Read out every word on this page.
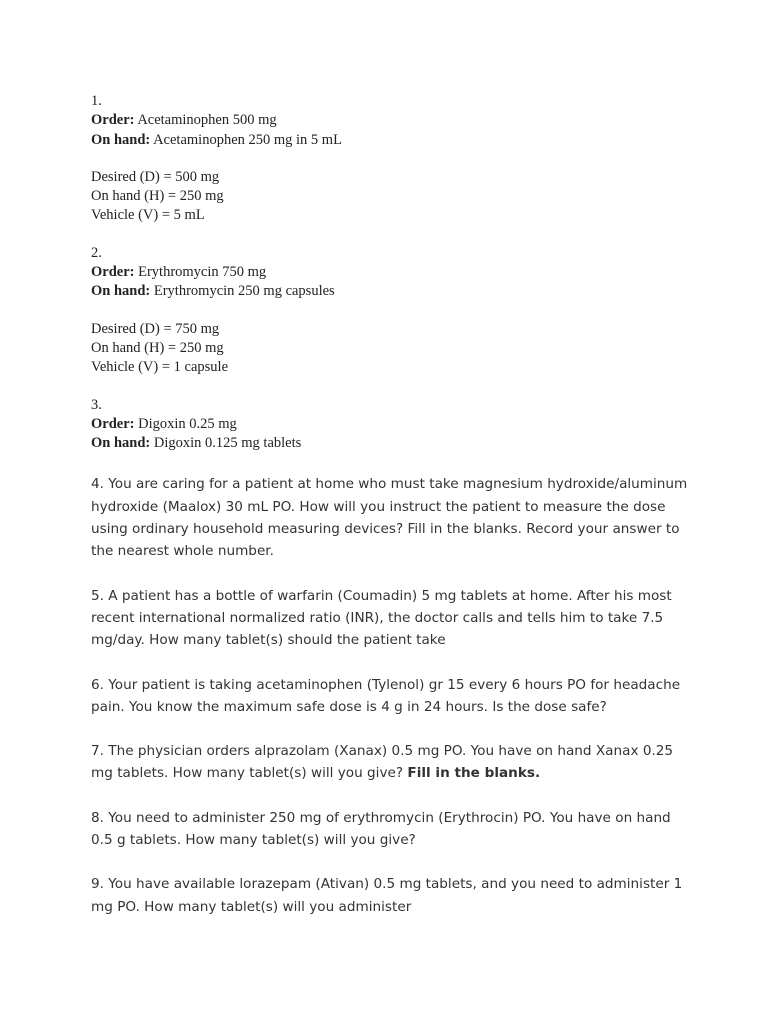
1.

Order: Acetaminophen 500 mg

On hand: Acetaminophen 250 mg in 5 mL

Desired (D) = 500 mg

On hand (H) = 250 mg

Vehicle (V) = 5 mL

2.

Order: Erythromycin 750 mg

On hand: Erythromycin 250 mg capsules

Desired (D) = 750 mg

On hand (H) = 250 mg

Vehicle (V) = 1 capsule

3.

Order: Digoxin 0.25 mg

On hand: Digoxin 0.125 mg tablets

4. You are caring for a patient at home who must take magnesium hydroxide/aluminum hydroxide (Maalox) 30 mL PO. How will you instruct the patient to measure the dose using ordinary household measuring devices? Fill in the blanks. Record your answer to the nearest whole number.

5. A patient has a bottle of warfarin (Coumadin) 5 mg tablets at home. After his most recent international normalized ratio (INR), the doctor calls and tells him to take 7.5 mg/day. How many tablet(s) should the patient take

6. Your patient is taking acetaminophen (Tylenol) gr 15 every 6 hours PO for headache pain. You know the maximum safe dose is 4 g in 24 hours. Is the dose safe?

7. The physician orders alprazolam (Xanax) 0.5 mg PO. You have on hand Xanax 0.25 mg tablets. How many tablet(s) will you give? Fill in the blanks.

8. You need to administer 250 mg of erythromycin (Erythrocin) PO. You have on hand 0.5 g tablets. How many tablet(s) will you give?

9. You have available lorazepam (Ativan) 0.5 mg tablets, and you need to administer 1 mg PO. How many tablet(s) will you administer
